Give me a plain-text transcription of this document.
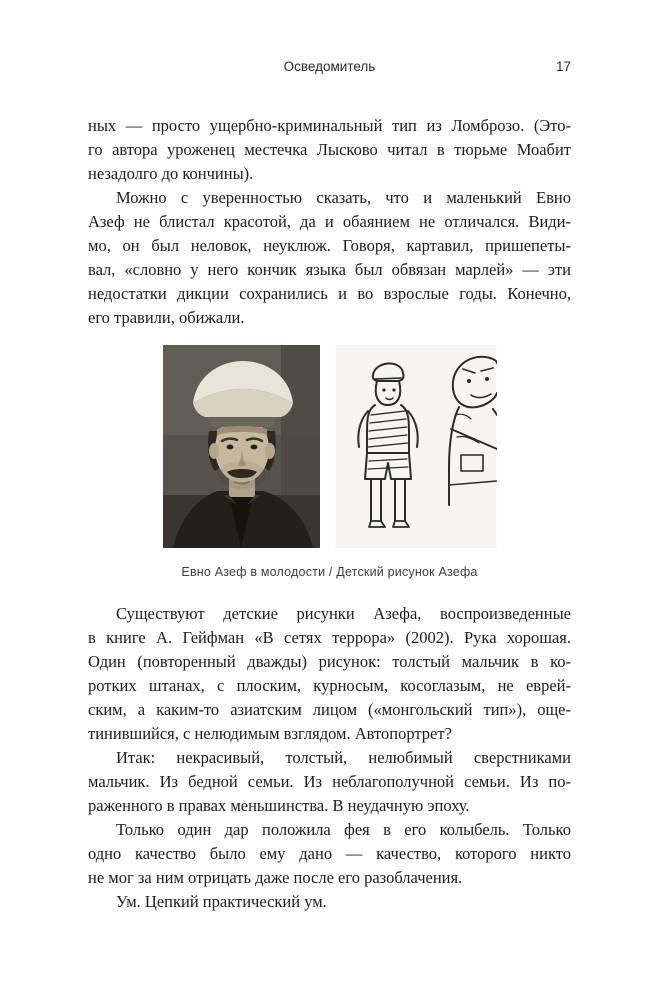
Осведомитель	17

ных — просто ущербно-криминальный тип из Ломброзо. (Это-
го автора уроженец местечка Лысково читал в тюрьме Моабит
незадолго до кончины).

Можно с уверенностью сказать, что и маленький Евно
Азеф не блистал красотой, да и обаянием не отличался. Види-
мо, он был неловок, неуклюж. Говоря, картавил, пришепеты-
вал, «словно у него кончик языка был обвязан марлей» — эти
недостатки дикции сохранились и во взрослые годы. Конечно,
его травили, обижали.

Евно Азеф в молодости / Детский рисунок Азефа

Существуют детские рисунки Азефа, воспроизведенные
в книге А. Гейфман «В сетях террора» (2002). Рука хорошая.
Один (повторенный дважды) рисунок: толстый мальчик в ко-
ротких штанах, с плоским, курносым, косоглазым, не еврей-
ским, а каким-то азиатским лицом («монгольский тип»), още-
тинившийся, с нелюдимым взглядом. Автопортрет?

Итак: некрасивый, толстый, нелюбимый сверстниками
мальчик. Из бедной семьи. Из неблагополучной семьи. Из по-
раженного в правах меньшинства. В неудачную эпоху.

Только один дар положила фея в его колыбель. Только
одно качество было ему дано — качество, которого никто
не мог за ним отрицать даже после его разоблачения.

Ум. Цепкий практический ум.
